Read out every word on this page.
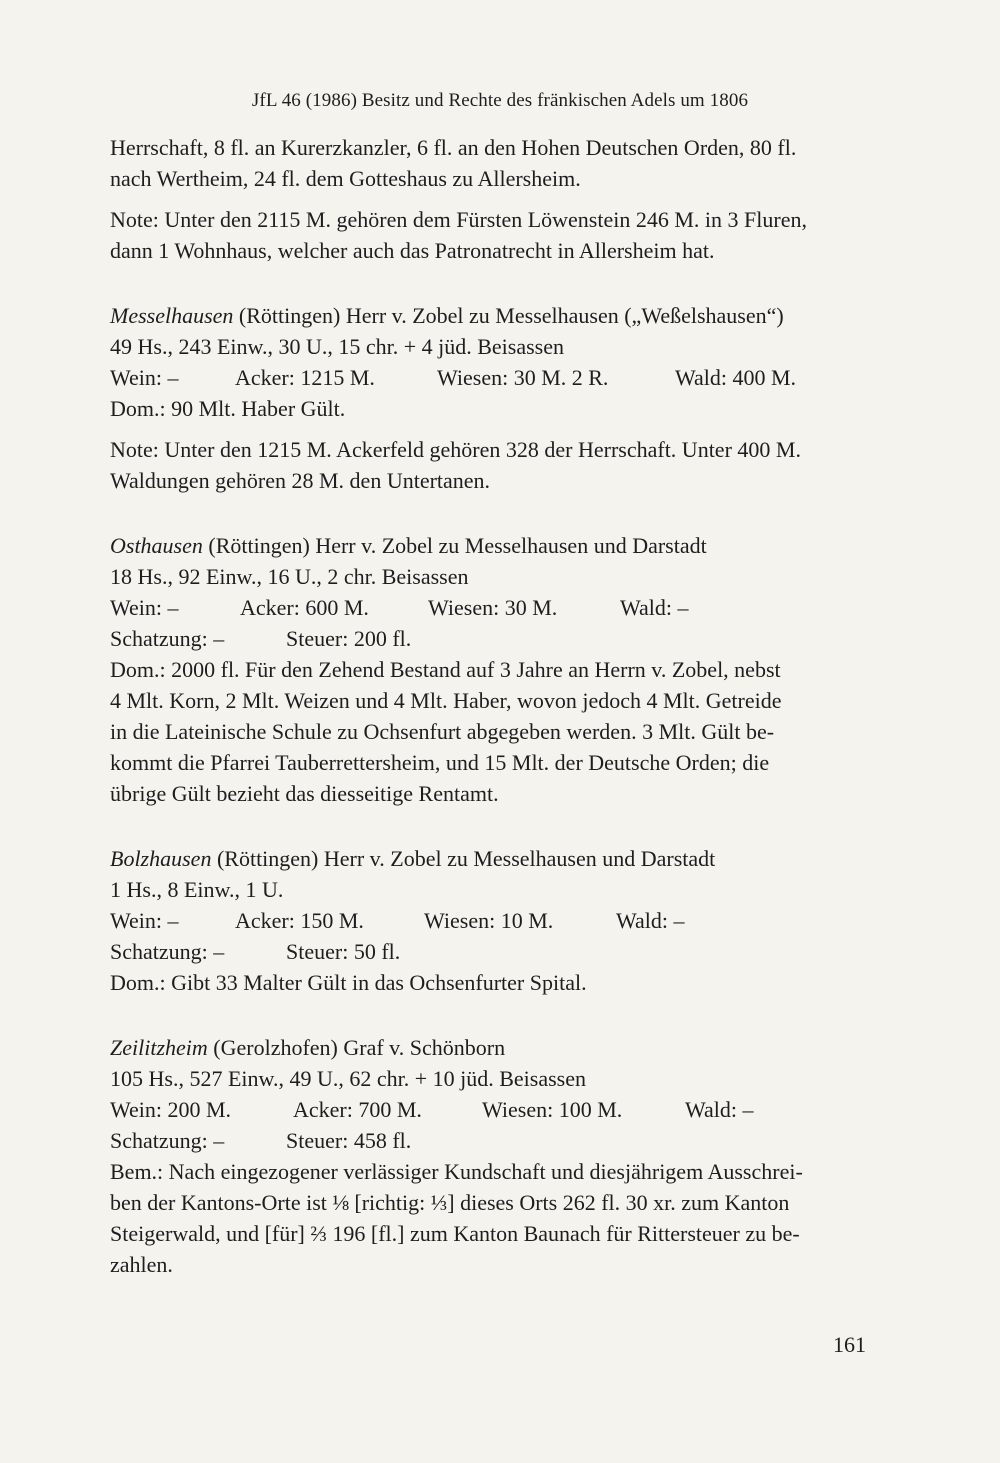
JfL 46 (1986) Besitz und Rechte des fränkischen Adels um 1806

Herrschaft, 8 fl. an Kurerzkanzler, 6 fl. an den Hohen Deutschen Orden, 80 fl.

nach Wertheim, 24 fl. dem Gotteshaus zu Allersheim.

Note: Unter den 2115 M. gehören dem Fürsten Löwenstein 246 M. in 3 Fluren,

dann 1 Wohnhaus, welcher auch das Patronatrecht in Allersheim hat.

Messelhausen (Röttingen) Herr v. Zobel zu Messelhausen („Weßelshausen“)

49 Hs., 243 Einw., 30 U., 15 chr. + 4 jüd. Beisassen

Wein: –	Acker: 1215 M.	Wiesen: 30 M. 2 R.	Wald: 400 M.

Dom.: 90 Mlt. Haber Gült.

Note: Unter den 1215 M. Ackerfeld gehören 328 der Herrschaft. Unter 400 M.

Waldungen gehören 28 M. den Untertanen.

Osthausen (Röttingen) Herr v. Zobel zu Messelhausen und Darstadt

18 Hs., 92 Einw., 16 U., 2 chr. Beisassen

Wein: –	Acker: 600 M.	Wiesen: 30 M.	Wald: –
Schatzung: –	Steuer: 200 fl.

Dom.: 2000 fl. Für den Zehend Bestand auf 3 Jahre an Herrn v. Zobel, nebst

4 Mlt. Korn, 2 Mlt. Weizen und 4 Mlt. Haber, wovon jedoch 4 Mlt. Getreide

in die Lateinische Schule zu Ochsenfurt abgegeben werden. 3 Mlt. Gült be-

kommt die Pfarrei Tauberrettersheim, und 15 Mlt. der Deutsche Orden; die

übrige Gült bezieht das diesseitige Rentamt.

Bolzhausen (Röttingen) Herr v. Zobel zu Messelhausen und Darstadt

1 Hs., 8 Einw., 1 U.

Wein: –	Acker: 150 M.	Wiesen: 10 M.	Wald: –
Schatzung: –	Steuer: 50 fl.

Dom.: Gibt 33 Malter Gült in das Ochsenfurter Spital.

Zeilitzheim (Gerolzhofen) Graf v. Schönborn

105 Hs., 527 Einw., 49 U., 62 chr. + 10 jüd. Beisassen

Wein: 200 M.	Acker: 700 M.	Wiesen: 100 M.	Wald: –
Schatzung: –	Steuer: 458 fl.

Bem.: Nach eingezogener verlässiger Kundschaft und diesjährigem Ausschrei-

ben der Kantons-Orte ist ⅛ [richtig: ⅓] dieses Orts 262 fl. 30 xr. zum Kanton

Steigerwald, und [für] ⅔ 196 [fl.] zum Kanton Baunach für Rittersteuer zu be-

zahlen.

161
